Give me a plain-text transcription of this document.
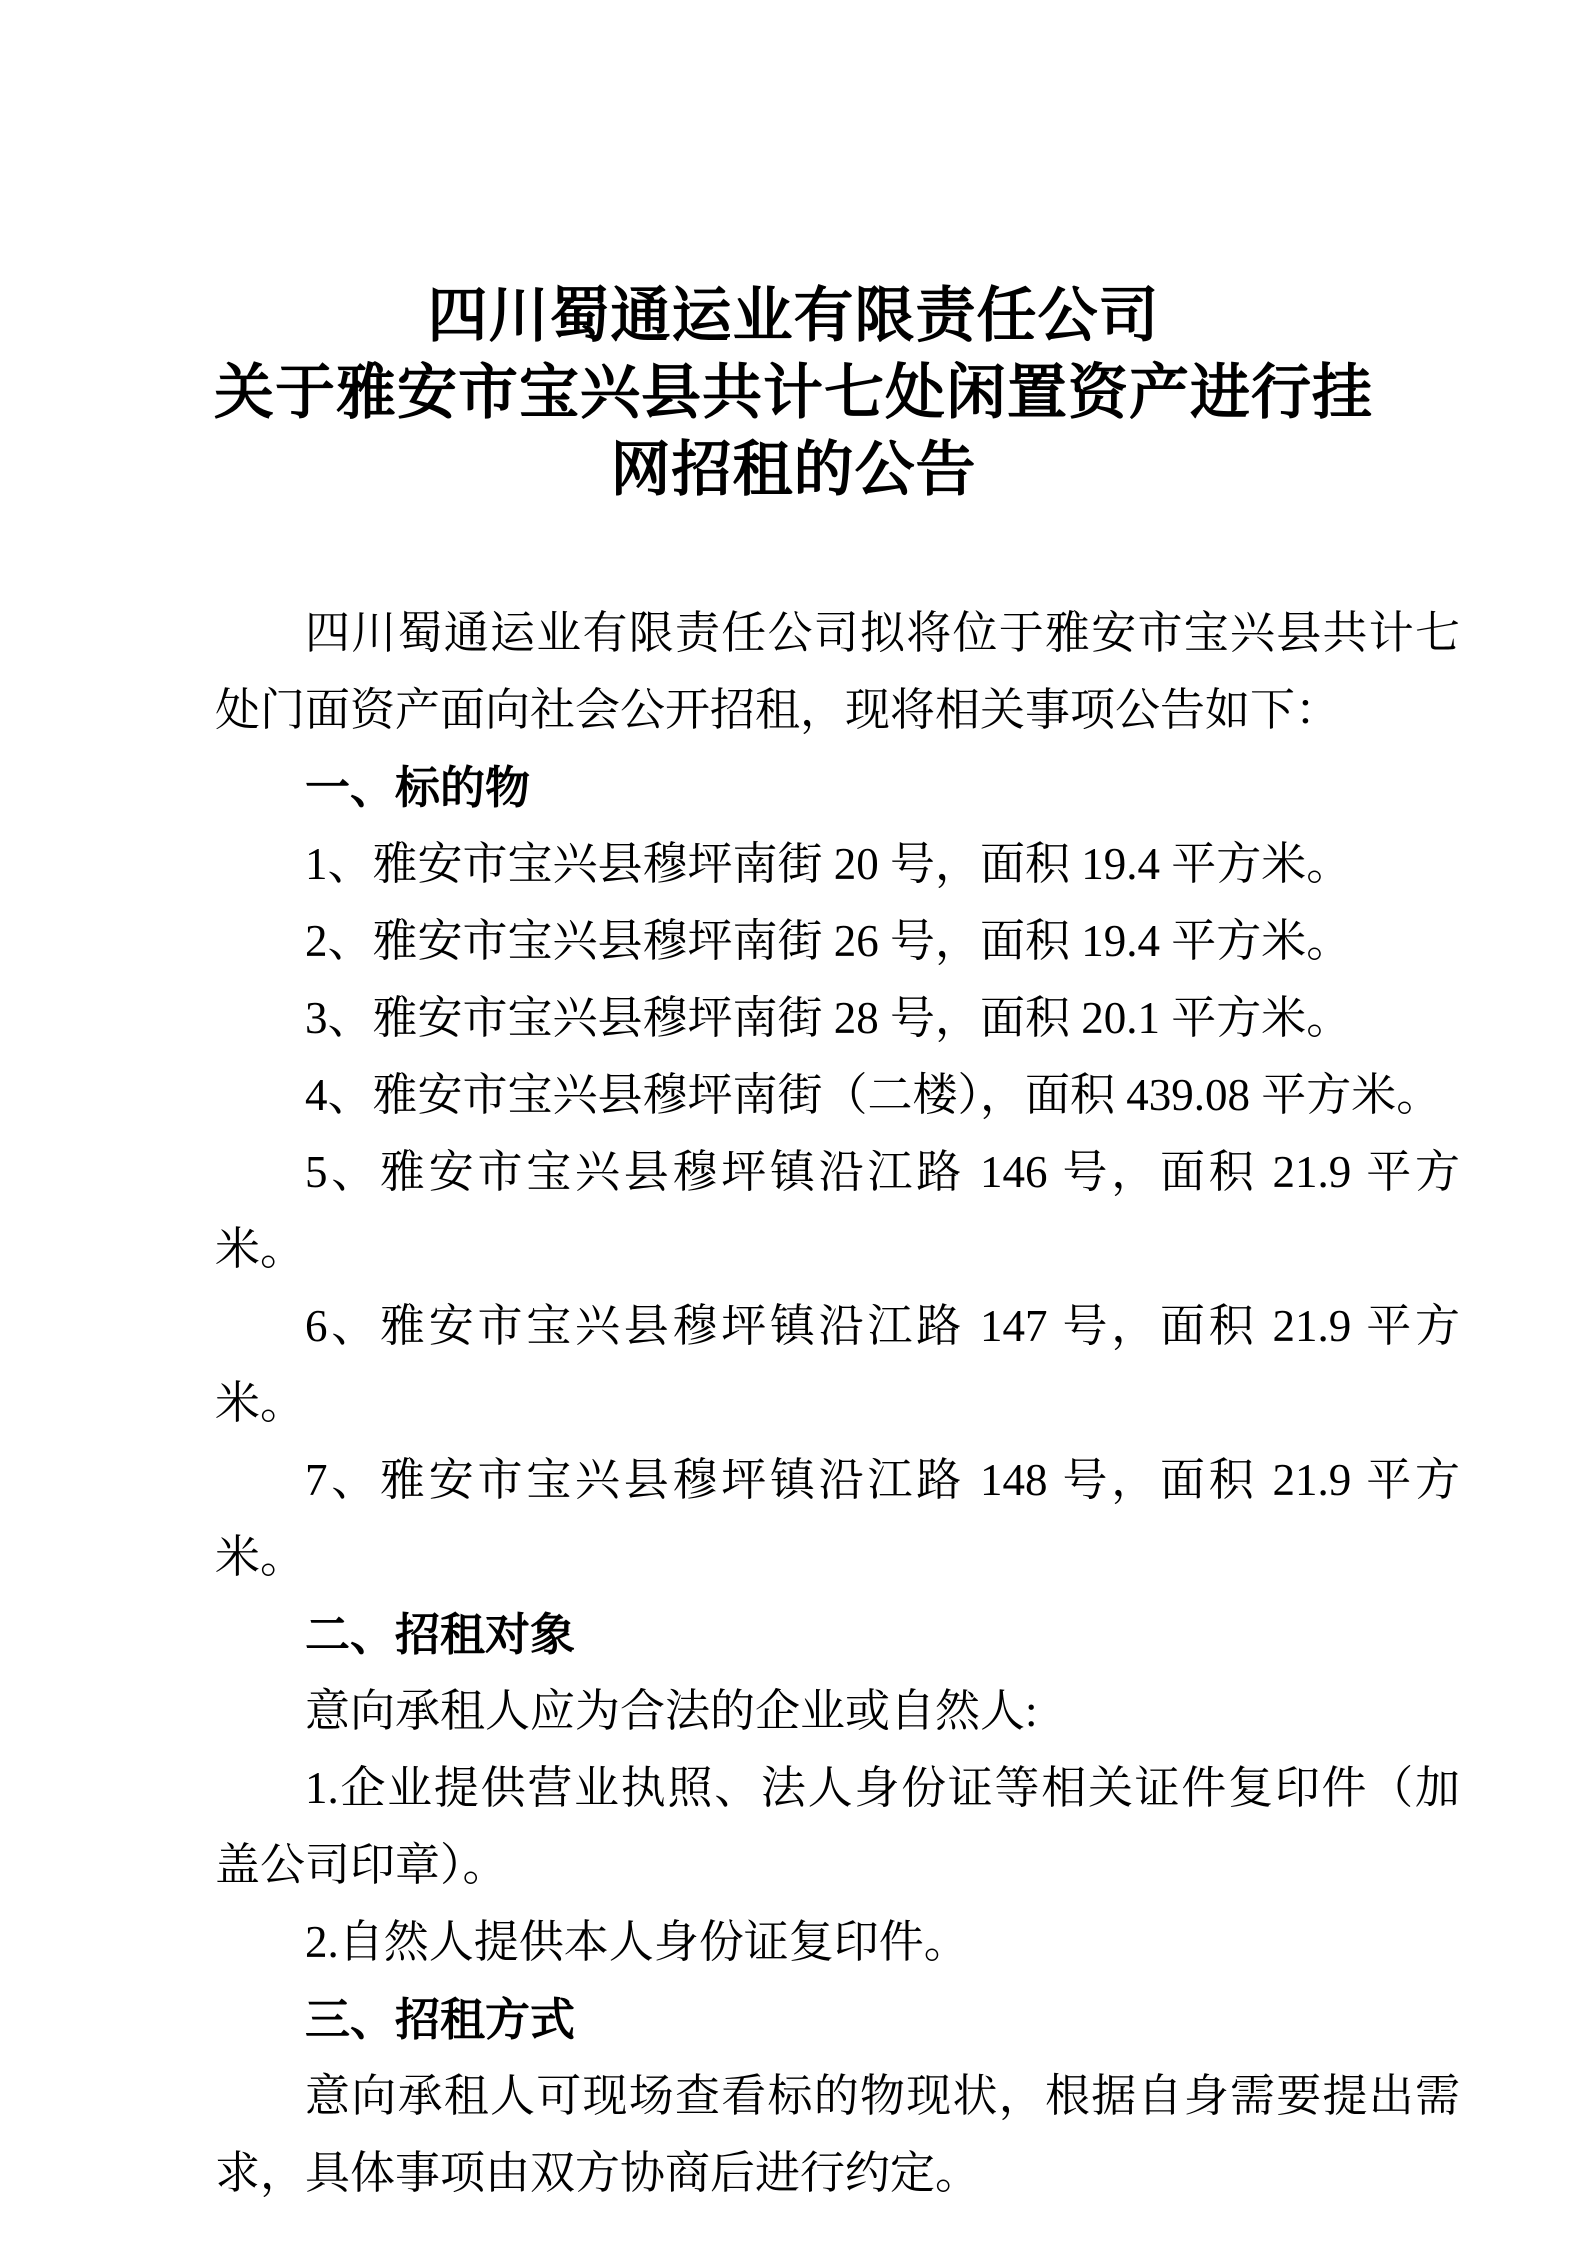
四川蜀通运业有限责任公司
关于雅安市宝兴县共计七处闲置资产进行挂
网招租的公告

四川蜀通运业有限责任公司拟将位于雅安市宝兴县共计七处门面资产面向社会公开招租，现将相关事项公告如下：

一、标的物

1、雅安市宝兴县穆坪南街 20 号，面积 19.4 平方米。

2、雅安市宝兴县穆坪南街 26 号，面积 19.4 平方米。

3、雅安市宝兴县穆坪南街 28 号，面积 20.1 平方米。

4、雅安市宝兴县穆坪南街（二楼），面积 439.08 平方米。

5、雅安市宝兴县穆坪镇沿江路 146 号，面积 21.9 平方米。

6、雅安市宝兴县穆坪镇沿江路 147 号，面积 21.9 平方米。

7、雅安市宝兴县穆坪镇沿江路 148 号，面积 21.9 平方米。

二、招租对象

意向承租人应为合法的企业或自然人:

1.企业提供营业执照、法人身份证等相关证件复印件（加盖公司印章）。

2.自然人提供本人身份证复印件。

三、招租方式

意向承租人可现场查看标的物现状，根据自身需要提出需求，具体事项由双方协商后进行约定。
